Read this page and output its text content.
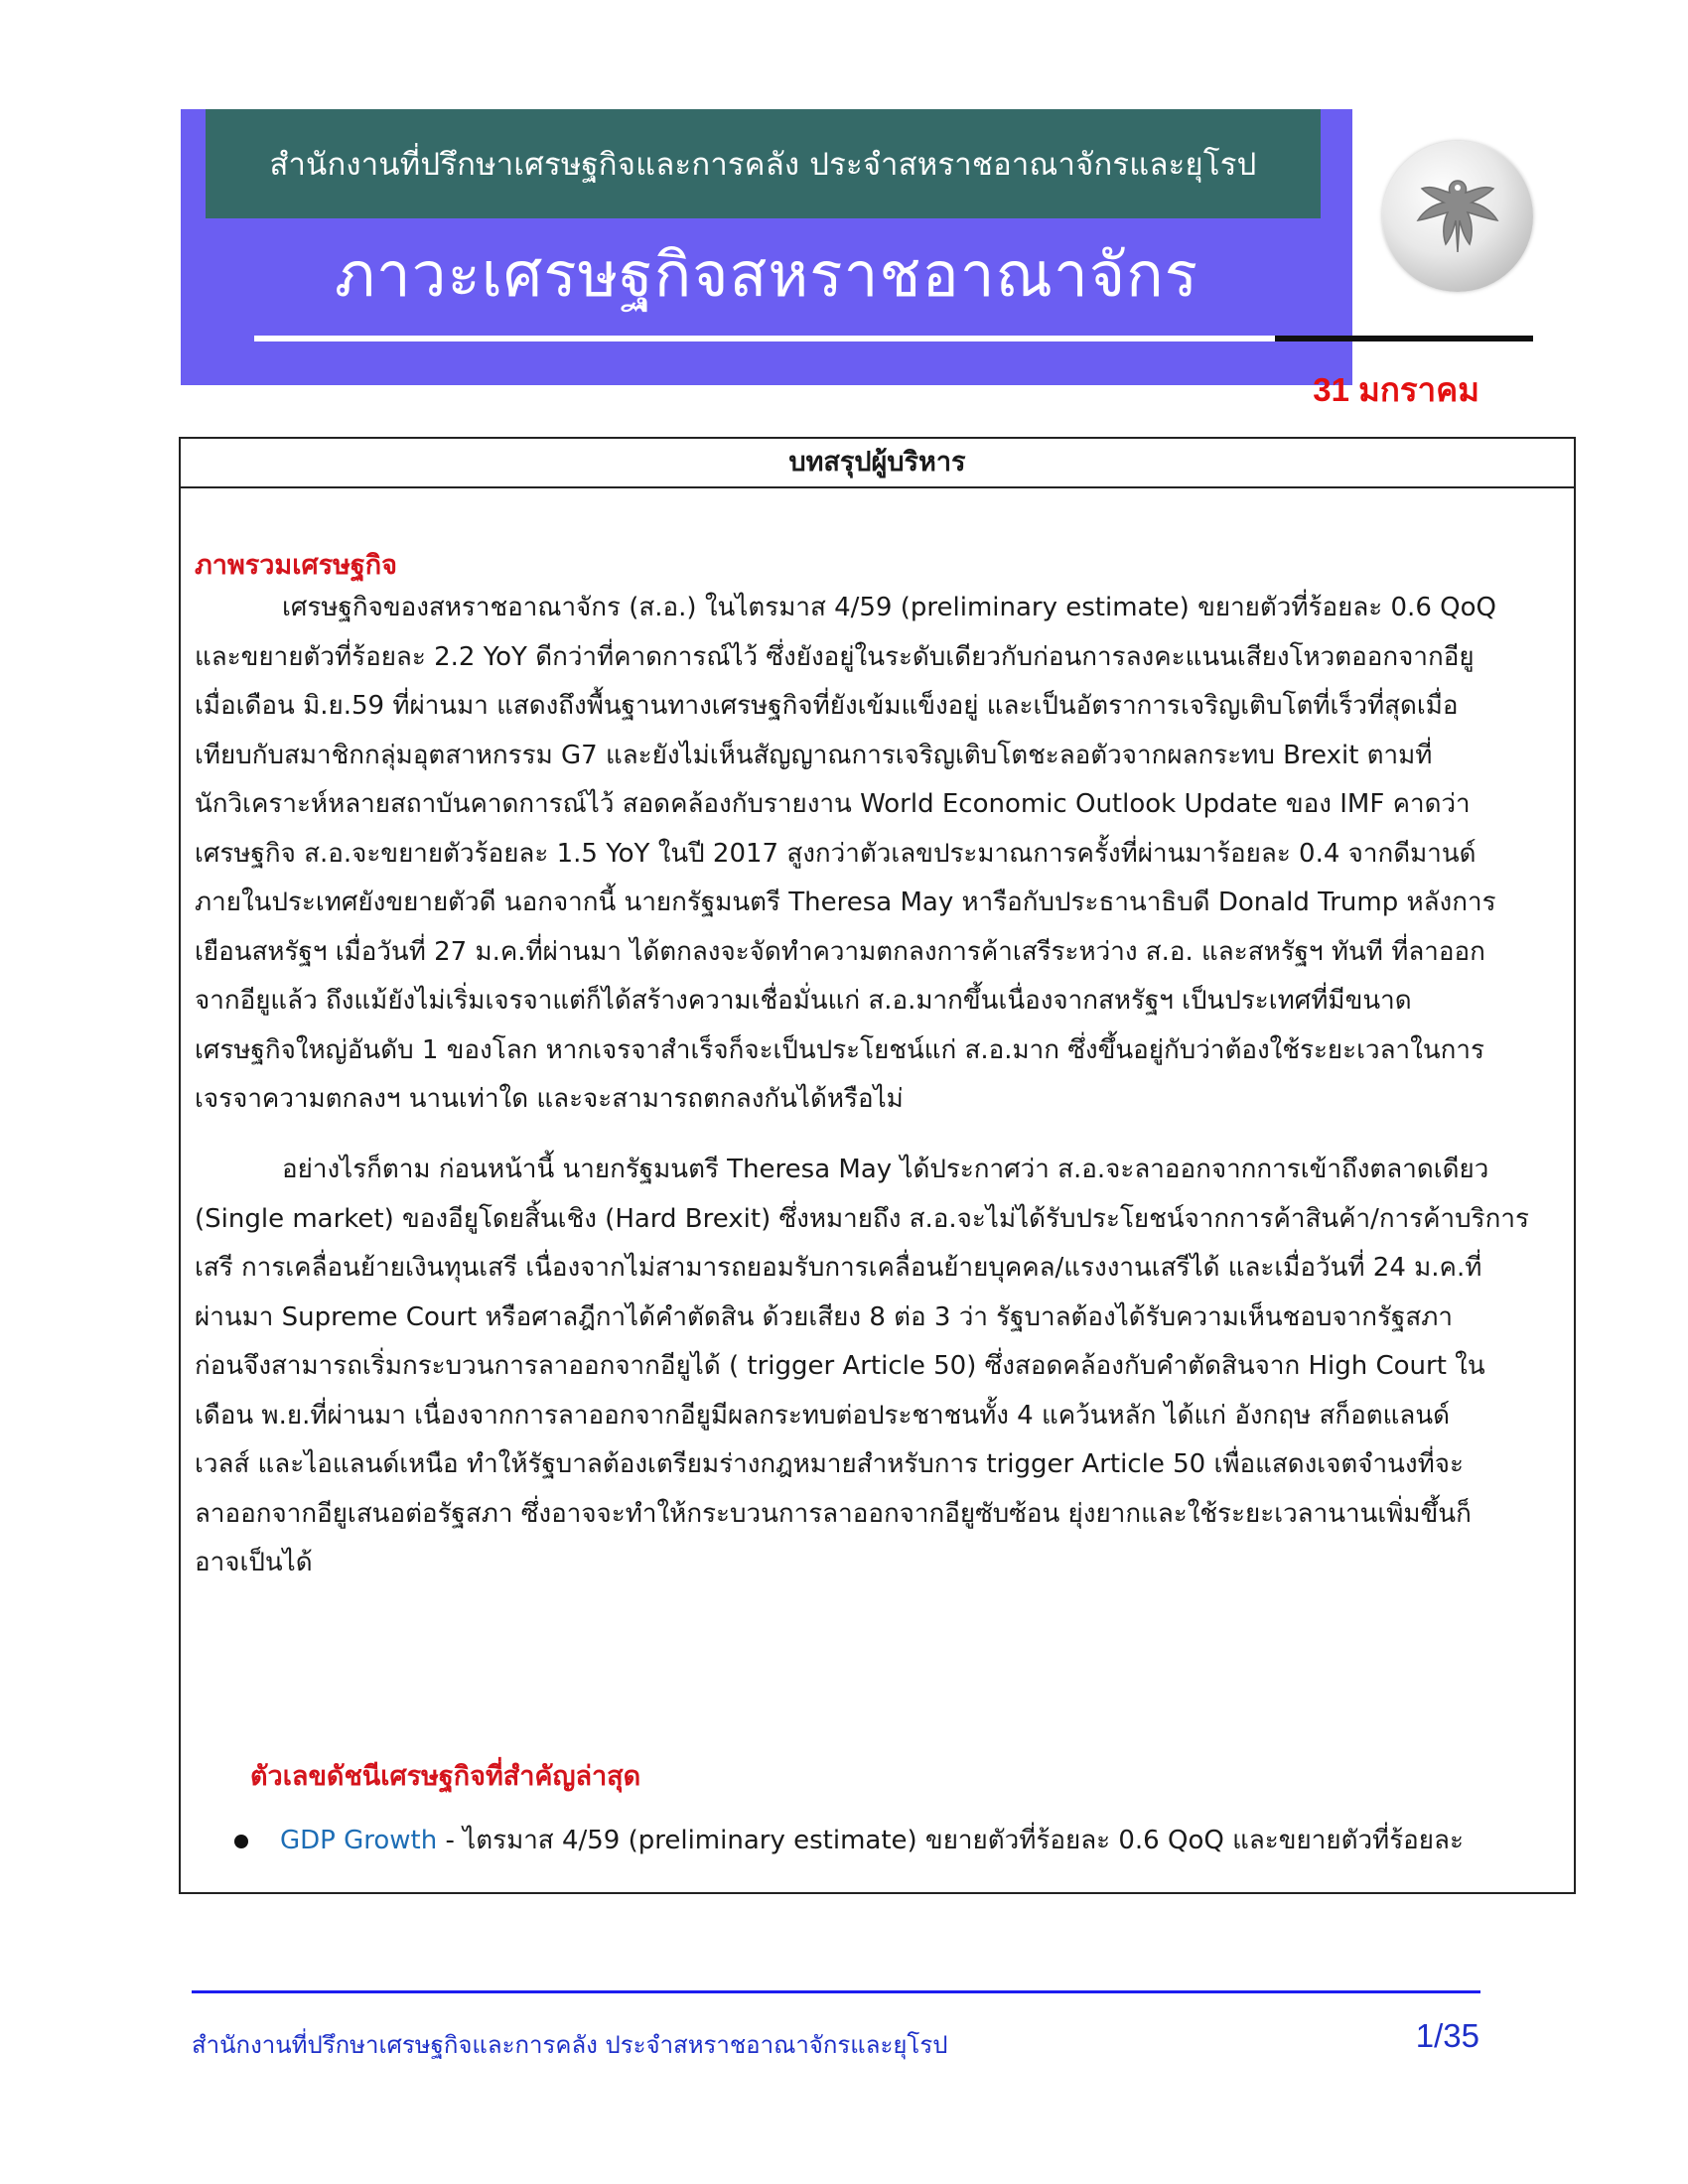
สำนักงานที่ปรึกษาเศรษฐกิจและการคลัง ประจำสหราชอาณาจักรและยุโรป
ภาวะเศรษฐกิจสหราชอาณาจักร
31 มกราคม
บทสรุปผู้บริหาร
ภาพรวมเศรษฐกิจ
เศรษฐกิจของสหราชอาณาจักร (ส.อ.) ในไตรมาส 4/59 (preliminary estimate) ขยายตัวที่ร้อยละ 0.6 QoQ
และขยายตัวที่ร้อยละ 2.2 YoY ดีกว่าที่คาดการณ์ไว้ ซึ่งยังอยู่ในระดับเดียวกับก่อนการลงคะแนนเสียงโหวตออกจากอียู
เมื่อเดือน มิ.ย.59 ที่ผ่านมา แสดงถึงพื้นฐานทางเศรษฐกิจที่ยังเข้มแข็งอยู่ และเป็นอัตราการเจริญเติบโตที่เร็วที่สุดเมื่อ
เทียบกับสมาชิกกลุ่มอุตสาหกรรม G7 และยังไม่เห็นสัญญาณการเจริญเติบโตชะลอตัวจากผลกระทบ Brexit ตามที่
นักวิเคราะห์หลายสถาบันคาดการณ์ไว้ สอดคล้องกับรายงาน World Economic Outlook Update ของ IMF คาดว่า
เศรษฐกิจ ส.อ.จะขยายตัวร้อยละ 1.5 YoY ในปี 2017 สูงกว่าตัวเลขประมาณการครั้งที่ผ่านมาร้อยละ 0.4 จากดีมานด์
ภายในประเทศยังขยายตัวดี นอกจากนี้ นายกรัฐมนตรี Theresa May หารือกับประธานาธิบดี Donald Trump หลังการ
เยือนสหรัฐฯ เมื่อวันที่ 27 ม.ค.ที่ผ่านมา ได้ตกลงจะจัดทำความตกลงการค้าเสรีระหว่าง ส.อ. และสหรัฐฯ ทันที ที่ลาออก
จากอียูแล้ว ถึงแม้ยังไม่เริ่มเจรจาแต่ก็ได้สร้างความเชื่อมั่นแก่ ส.อ.มากขึ้นเนื่องจากสหรัฐฯ เป็นประเทศที่มีขนาด
เศรษฐกิจใหญ่อันดับ 1 ของโลก หากเจรจาสำเร็จก็จะเป็นประโยชน์แก่ ส.อ.มาก ซึ่งขึ้นอยู่กับว่าต้องใช้ระยะเวลาในการ
เจรจาความตกลงฯ นานเท่าใด และจะสามารถตกลงกันได้หรือไม่
อย่างไรก็ตาม ก่อนหน้านี้ นายกรัฐมนตรี Theresa May ได้ประกาศว่า ส.อ.จะลาออกจากการเข้าถึงตลาดเดียว
(Single market) ของอียูโดยสิ้นเชิง (Hard Brexit) ซึ่งหมายถึง ส.อ.จะไม่ได้รับประโยชน์จากการค้าสินค้า/การค้าบริการ
เสรี การเคลื่อนย้ายเงินทุนเสรี เนื่องจากไม่สามารถยอมรับการเคลื่อนย้ายบุคคล/แรงงานเสรีได้ และเมื่อวันที่ 24 ม.ค.ที่
ผ่านมา Supreme Court หรือศาลฎีกาได้คำตัดสิน ด้วยเสียง 8 ต่อ 3 ว่า รัฐบาลต้องได้รับความเห็นชอบจากรัฐสภา
ก่อนจึงสามารถเริ่มกระบวนการลาออกจากอียูได้ ( trigger Article 50) ซึ่งสอดคล้องกับคำตัดสินจาก High Court ใน
เดือน พ.ย.ที่ผ่านมา เนื่องจากการลาออกจากอียูมีผลกระทบต่อประชาชนทั้ง 4 แคว้นหลัก ได้แก่ อังกฤษ สก็อตแลนด์
เวลส์ และไอแลนด์เหนือ ทำให้รัฐบาลต้องเตรียมร่างกฎหมายสำหรับการ trigger Article 50 เพื่อแสดงเจตจำนงที่จะ
ลาออกจากอียูเสนอต่อรัฐสภา ซึ่งอาจจะทำให้กระบวนการลาออกจากอียูซับซ้อน ยุ่งยากและใช้ระยะเวลานานเพิ่มขึ้นก็
อาจเป็นได้
ตัวเลขดัชนีเศรษฐกิจที่สำคัญล่าสุด
GDP Growth - ไตรมาส 4/59 (preliminary estimate) ขยายตัวที่ร้อยละ 0.6 QoQ และขยายตัวที่ร้อยละ
สำนักงานที่ปรึกษาเศรษฐกิจและการคลัง ประจำสหราชอาณาจักรและยุโรป	1/35
